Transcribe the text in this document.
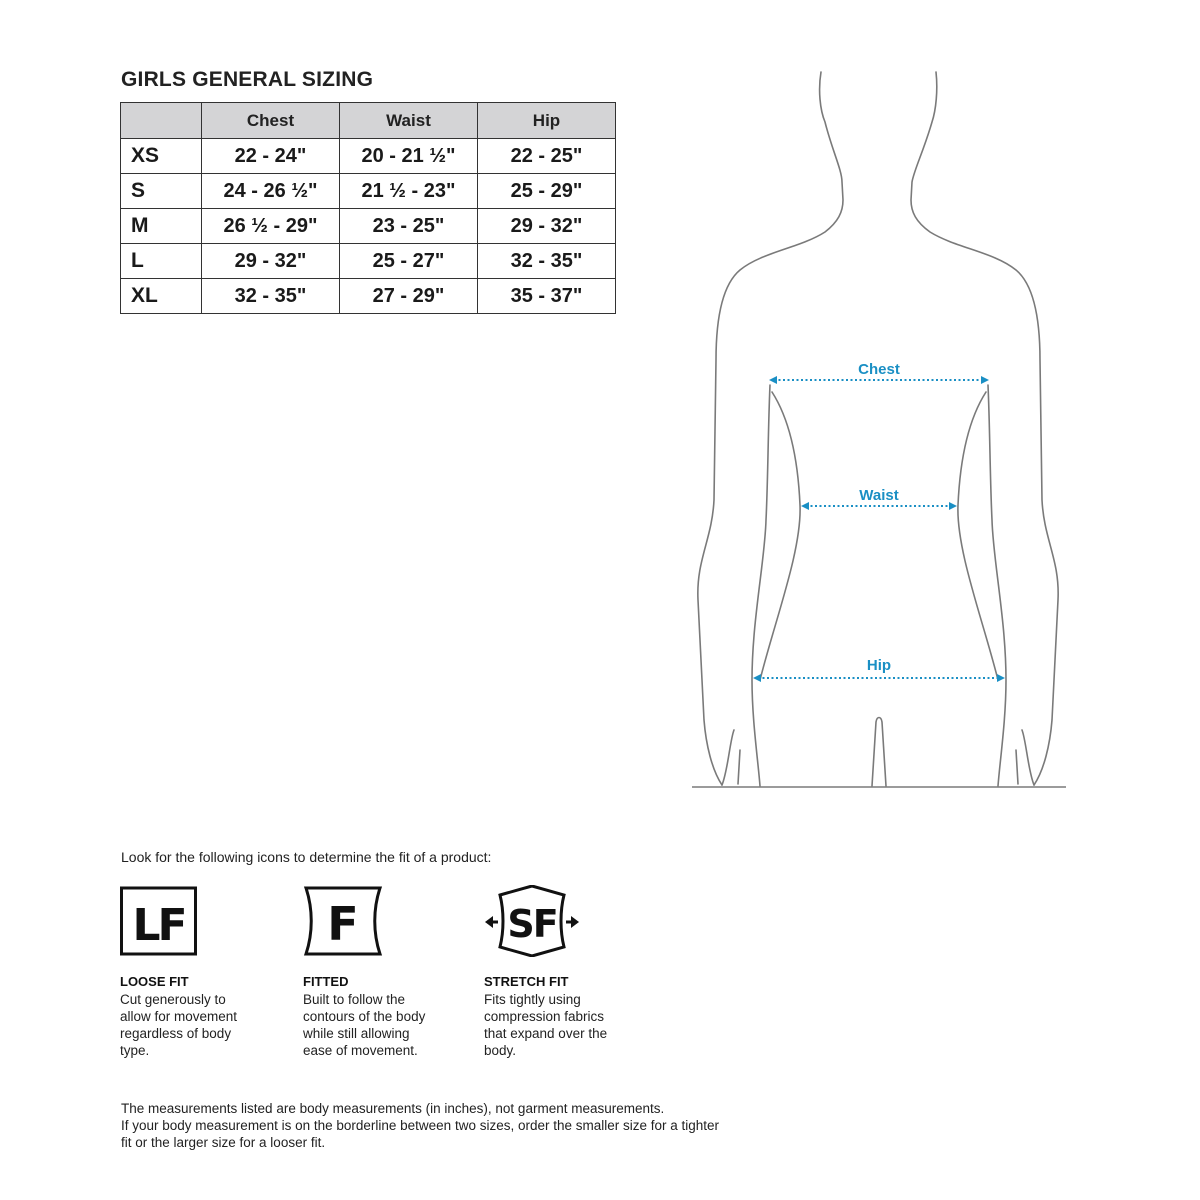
GIRLS GENERAL SIZING
	Chest	Waist	Hip
XS	22 - 24"	20 - 21 ½"	22 - 25"
S	24 - 26 ½"	21 ½ - 23"	25 - 29"
M	26 ½ - 29"	23 - 25"	29 - 32"
L	29 - 32"	25 - 27"	32 - 35"
XL	32 - 35"	27 - 29"	35 - 37"
Chest
Waist
Hip
Look for the following icons to determine the fit of a product:
LF
LOOSE FIT
Cut generously to allow for movement regardless of body type.
F
FITTED
Built to follow the contours of the body while still allowing ease of movement.
SF
STRETCH FIT
Fits tightly using compression fabrics that expand over the body.

The measurements listed are body measurements (in inches), not garment measurements.

If your body measurement is on the borderline between two sizes, order the smaller size for a tighter fit or the larger size for a looser fit.
